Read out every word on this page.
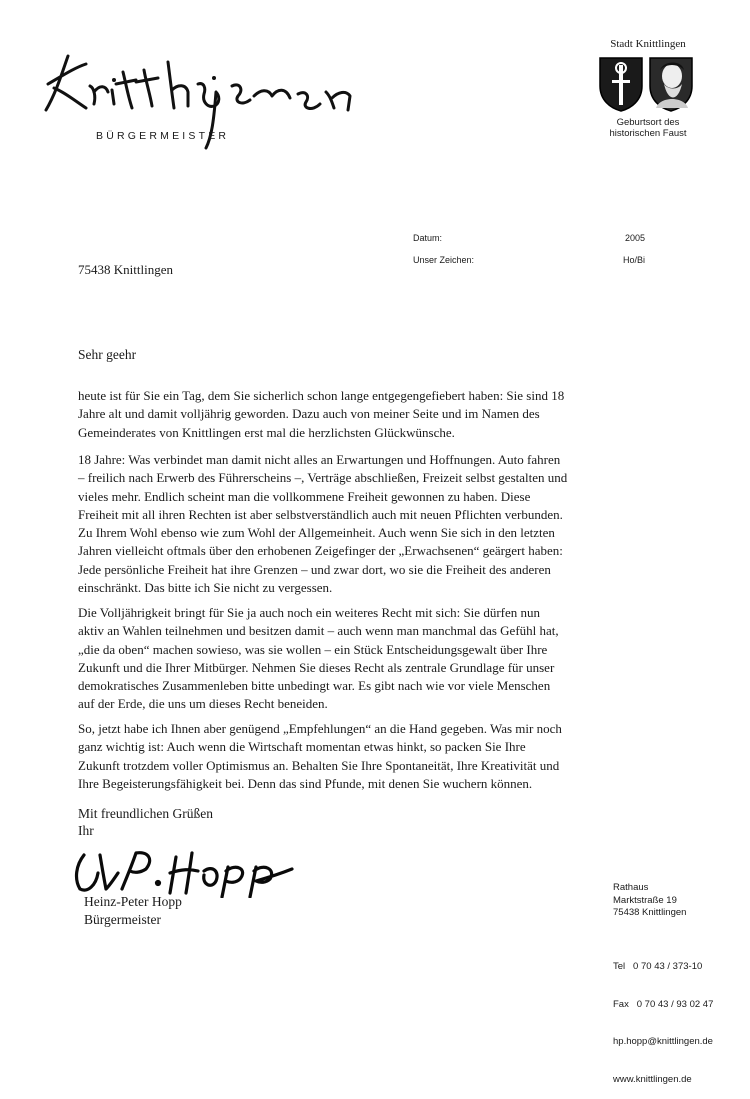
BÜRGERMEISTER
Stadt Knittlingen
Geburtsort des
historischen Faust
Datum:	2005
Unser Zeichen:	Ho/Bi
75438 Knittlingen
Sehr geehr
heute ist für Sie ein Tag, dem Sie sicherlich schon lange entgegengefiebert haben: Sie sind 18
Jahre alt und damit volljährig geworden. Dazu auch von meiner Seite und im Namen des
Gemeinderates von Knittlingen erst mal die herzlichsten Glückwünsche.
18 Jahre: Was verbindet man damit nicht alles an Erwartungen und Hoffnungen. Auto fahren
– freilich nach Erwerb des Führerscheins –, Verträge abschließen, Freizeit selbst gestalten und
vieles mehr. Endlich scheint man die vollkommene Freiheit gewonnen zu haben. Diese
Freiheit mit all ihren Rechten ist aber selbstverständlich auch mit neuen Pflichten verbunden.
Zu Ihrem Wohl ebenso wie zum Wohl der Allgemeinheit. Auch wenn Sie sich in den letzten
Jahren vielleicht oftmals über den erhobenen Zeigefinger der „Erwachsenen“ geärgert haben:
Jede persönliche Freiheit hat ihre Grenzen – und zwar dort, wo sie die Freiheit des anderen
einschränkt. Das bitte ich Sie nicht zu vergessen.
Die Volljährigkeit bringt für Sie ja auch noch ein weiteres Recht mit sich: Sie dürfen nun
aktiv an Wahlen teilnehmen und besitzen damit – auch wenn man manchmal das Gefühl hat,
„die da oben“ machen sowieso, was sie wollen – ein Stück Entscheidungsgewalt über Ihre
Zukunft und die Ihrer Mitbürger. Nehmen Sie dieses Recht als zentrale Grundlage für unser
demokratisches Zusammenleben bitte unbedingt war. Es gibt nach wie vor viele Menschen
auf der Erde, die uns um dieses Recht beneiden.
So, jetzt habe ich Ihnen aber genügend „Empfehlungen“ an die Hand gegeben. Was mir noch
ganz wichtig ist: Auch wenn die Wirtschaft momentan etwas hinkt, so packen Sie Ihre
Zukunft trotzdem voller Optimismus an. Behalten Sie Ihre Spontaneität, Ihre Kreativität und
Ihre Begeisterungsfähigkeit bei. Denn das sind Pfunde, mit denen Sie wuchern können.
Mit freundlichen Grüßen
Ihr
Heinz-Peter Hopp
Bürgermeister
Rathaus
Marktstraße 19
75438 Knittlingen

Tel   0 70 43 / 373-10

Fax   0 70 43 / 93 02 47

hp.hopp@knittlingen.de

www.knittlingen.de
